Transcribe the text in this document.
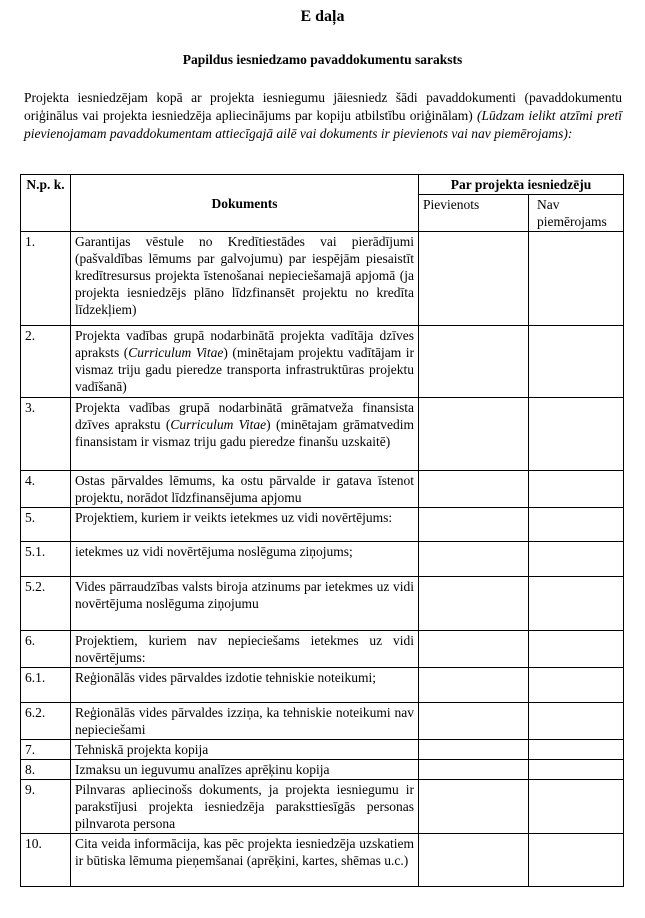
E daļa
Papildus iesniedzamo pavaddokumentu saraksts
Projekta iesniedzējam kopā ar projekta iesniegumu jāiesniedz šādi pavaddokumenti (pavaddokumentu oriģinālus vai projekta iesniedzēja apliecinājums par kopiju atbilstību oriģinālam) (Lūdzam ielikt atzīmi pretī pievienojamam pavaddokumentam attiecīgajā ailē vai dokuments ir pievienots vai nav piemērojams):
N.p. k.	Dokuments	Par projekta iesniedzēju	
		Pievienots	Nav piemērojams
1.	Garantijas vēstule no Kredītiestādes vai pierādījumi (pašvaldības lēmums par galvojumu) par iespējām piesaistīt kredītresursus projekta īstenošanai nepieciešamajā apjomā (ja projekta iesniedzējs plāno līdzfinansēt projektu no kredīta līdzekļiem)		
2.	Projekta vadības grupā nodarbinātā projekta vadītāja dzīves apraksts (Curriculum Vitae) (minētajam projektu vadītājam ir vismaz triju gadu pieredze transporta infrastruktūras projektu vadīšanā)		
3.	Projekta vadības grupā nodarbinātā grāmatveža finansista dzīves aprakstu (Curriculum Vitae) (minētajam grāmatvedim finansistam ir vismaz triju gadu pieredze finanšu uzskaitē)		
4.	Ostas pārvaldes lēmums, ka ostu pārvalde ir gatava īstenot projektu, norādot līdzfinansējuma apjomu		
5.	Projektiem, kuriem ir veikts ietekmes uz vidi novērtējums:		
5.1.	ietekmes uz vidi novērtējuma noslēguma ziņojums;		
5.2.	Vides pārraudzības valsts biroja atzinums par ietekmes uz vidi novērtējuma noslēguma ziņojumu		
6.	Projektiem, kuriem nav nepieciešams ietekmes uz vidi novērtējums:		
6.1.	Reģionālās vides pārvaldes izdotie tehniskie noteikumi;		
6.2.	Reģionālās vides pārvaldes izziņa, ka tehniskie noteikumi nav nepieciešami		
7.	Tehniskā projekta kopija		
8.	Izmaksu un ieguvumu analīzes aprēķinu kopija		
9.	Pilnvaras apliecinošs dokuments, ja projekta iesniegumu ir parakstījusi projekta iesniedzēja paraksttiesīgās personas pilnvarota persona		
10.	Cita veida informācija, kas pēc projekta iesniedzēja uzskatiem ir būtiska lēmuma pieņemšanai (aprēķini, kartes, shēmas u.c.)		
